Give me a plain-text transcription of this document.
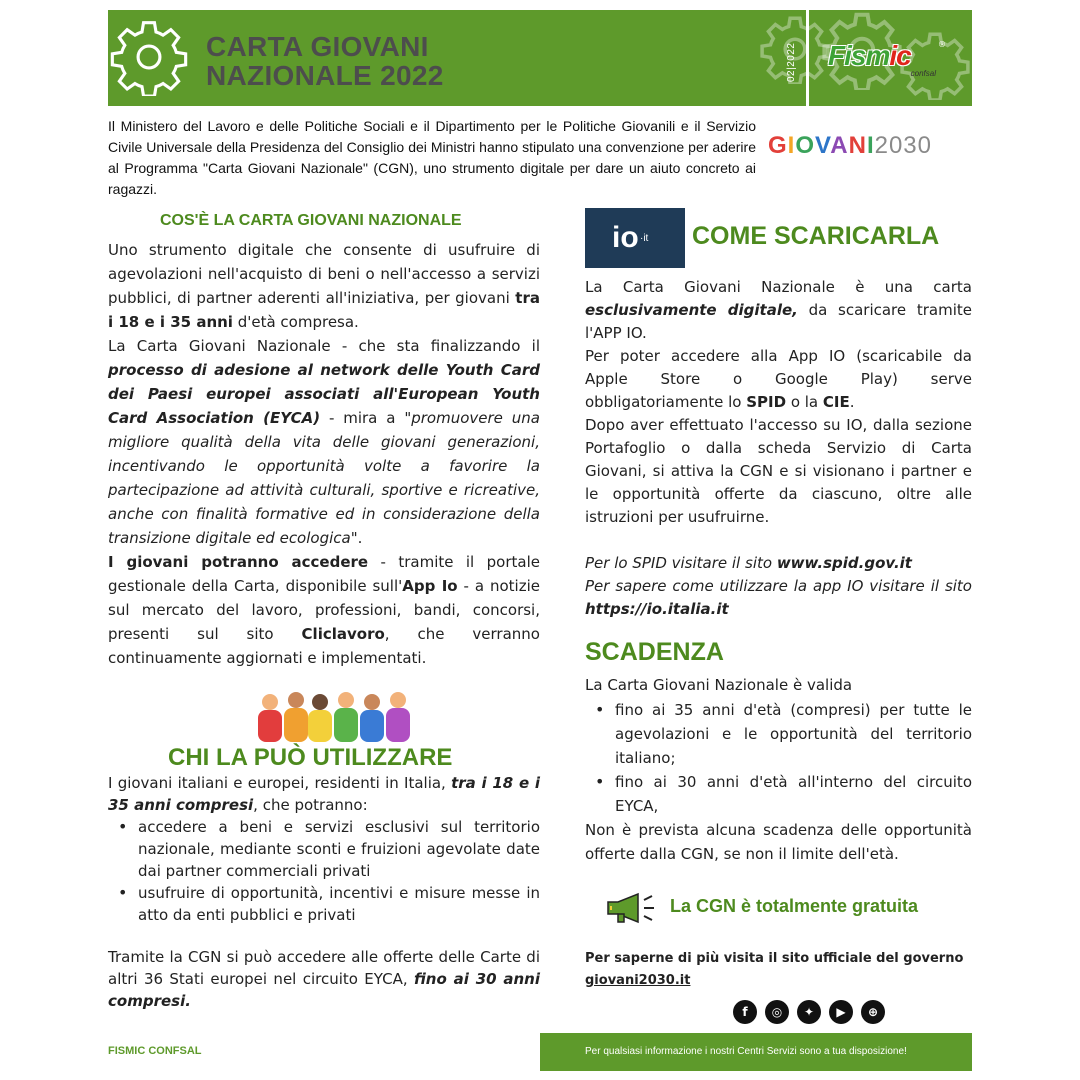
CARTA GIOVANI
NAZIONALE 2022	02|2022 Fismic
confsal
®
Il Ministero del Lavoro e delle Politiche Sociali e il Dipartimento per le Politiche Giovanili e il Servizio Civile Universale della Presidenza del Consiglio dei Ministri hanno stipulato una convenzione per aderire al Programma "Carta Giovani Nazionale" (CGN), uno strumento digitale per dare un aiuto concreto ai ragazzi.
GIOVANI2030
COS'È LA CARTA GIOVANI NAZIONALE
Uno strumento digitale che consente di usufruire di agevolazioni nell'acquisto di beni o nell'accesso a servizi pubblici, di partner aderenti all'iniziativa, per giovani tra i 18 e i 35 anni d'età compresa.
La Carta Giovani Nazionale - che sta finalizzando il processo di adesione al network delle Youth Card dei Paesi europei associati all'European Youth Card Association (EYCA) - mira a "promuovere una migliore qualità della vita delle giovani generazioni, incentivando le opportunità volte a favorire la partecipazione ad attività culturali, sportive e ricreative, anche con finalità formative ed in considerazione della transizione digitale ed ecologica".
I giovani potranno accedere - tramite il portale gestionale della Carta, disponibile sull'App Io - a notizie sul mercato del lavoro, professioni, bandi, concorsi, presenti sul sito Cliclavoro, che verranno continuamente aggiornati e implementati.
CHI LA PUÒ UTILIZZARE
I giovani italiani e europei, residenti in Italia, tra i 18 e i 35 anni compresi, che potranno:
• accedere a beni e servizi esclusivi sul territorio nazionale, mediante sconti e fruizioni agevolate date dai partner commerciali privati
• usufruire di opportunità, incentivi e misure messe in atto da enti pubblici e privati
Tramite la CGN si può accedere alle offerte delle Carte di altri 36 Stati europei nel circuito EYCA, fino ai 30 anni compresi.
io ·it COME SCARICARLA
La Carta Giovani Nazionale è una carta esclusivamente digitale, da scaricare tramite l'APP IO.
Per poter accedere alla App IO (scaricabile da Apple Store o Google Play) serve obbligatoriamente lo SPID o la CIE.
Dopo aver effettuato l'accesso su IO, dalla sezione Portafoglio o dalla scheda Servizio di Carta Giovani, si attiva la CGN e si visionano i partner e le opportunità offerte da ciascuno, oltre alle istruzioni per usufruirne.
Per lo SPID visitare il sito www.spid.gov.it
Per sapere come utilizzare la app IO visitare il sito https://io.italia.it
SCADENZA
La Carta Giovani Nazionale è valida
• fino ai 35 anni d'età (compresi) per tutte le agevolazioni e le opportunità del territorio italiano;
• fino ai 30 anni d'età all'interno del circuito EYCA,
Non è prevista alcuna scadenza delle opportunità offerte dalla CGN, se non il limite dell'età.
La CGN è totalmente gratuita
Per saperne di più visita il sito ufficiale del governo
giovani2030.it
f	◎	✦	▶	⊕
FISMIC CONFSAL	Per qualsiasi informazione i nostri Centri Servizi sono a tua disposizione!
